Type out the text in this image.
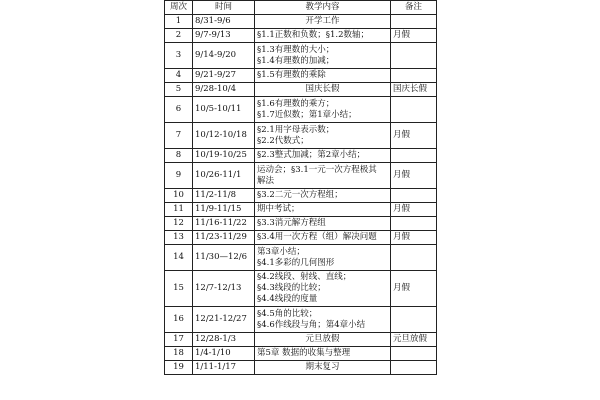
周次	时间	教学内容	备注
1	8/31-9/6	开学工作	

2	9/7-9/13	§1.1正数和负数；§1.2数轴；	月假
3	9/14-9/20	§1.3有理数的大小；
§1.4有理数的加减；	

4	9/21-9/27	§1.5有理数的乘除	

5	9/28-10/4	国庆长假	国庆长假
6	10/5-10/11	§1.6有理数的乘方；
§1.7近似数；第1章小结；	

7	10/12-10/18	§2.1用字母表示数；
§2.2代数式；	月假
8	10/19-10/25	§2.3整式加减；第2章小结；	

9	10/26-11/1	运动会；§3.1一元一次方程极其
解法	月假
10	11/2-11/8	§3.2二元一次方程组；	

11	11/9-11/15	期中考试；	月假
12	11/16-11/22	§3.3消元解方程组	

13	11/23-11/29	§3.4用一次方程（组）解决问题	月假
14	11/30—12/6	第3章小结；
§4.1多彩的几何图形	

15	12/7-12/13	§4.2线段、射线、直线；
§4.3线段的比较；
§4.4线段的度量	月假
16	12/21-12/27	§4.5角的比较；
§4.6作线段与角；第4章小结	

17	12/28-1/3	元旦放假	元旦放假
18	1/4-1/10	第5章 数据的收集与整理	

19	1/11-1/17	期末复习	
